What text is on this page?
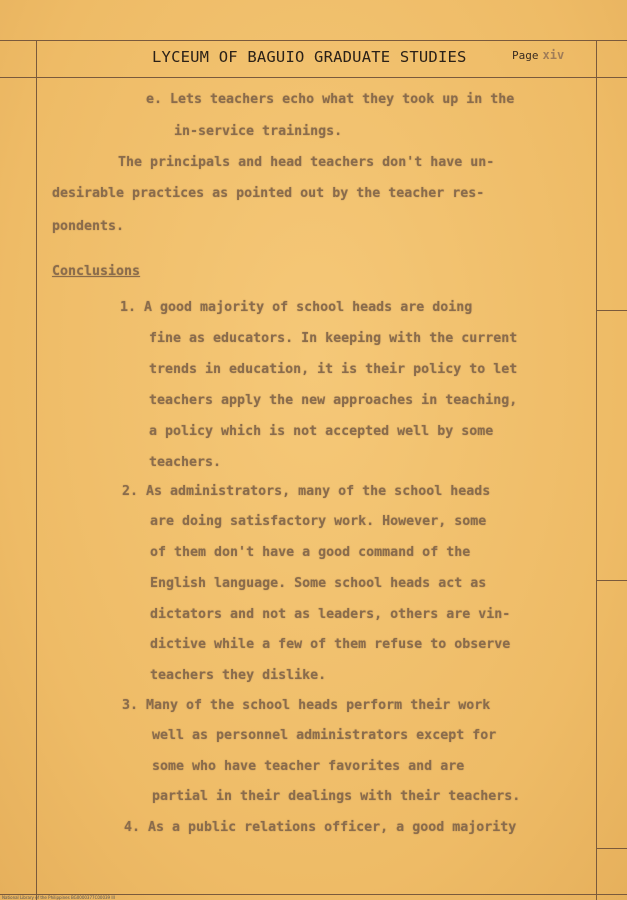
LYCEUM OF BAGUIO GRADUATE STUDIES	Page xiv
e. Lets teachers echo what they took up in the
in-service trainings.
The principals and head teachers don't have un-
desirable practices as pointed out by the teacher res-
pondents.
Conclusions
1. A good majority of school heads are doing
fine as educators. In keeping with the current
trends in education, it is their policy to let
teachers apply the new approaches in teaching,
a policy which is not accepted well by some
teachers.
2. As administrators, many of the school heads
are doing satisfactory work. However, some
of them don't have a good command of the
English language. Some school heads act as
dictators and not as leaders, others are vin-
dictive while a few of them refuse to observe
teachers they dislike.
3. Many of the school heads perform their work
well as personnel administrators except for
some who have teacher favorites and are
partial in their dealings with their teachers.
4. As a public relations officer, a good majority
National Library of the Philippines BG0000377C00039 III
